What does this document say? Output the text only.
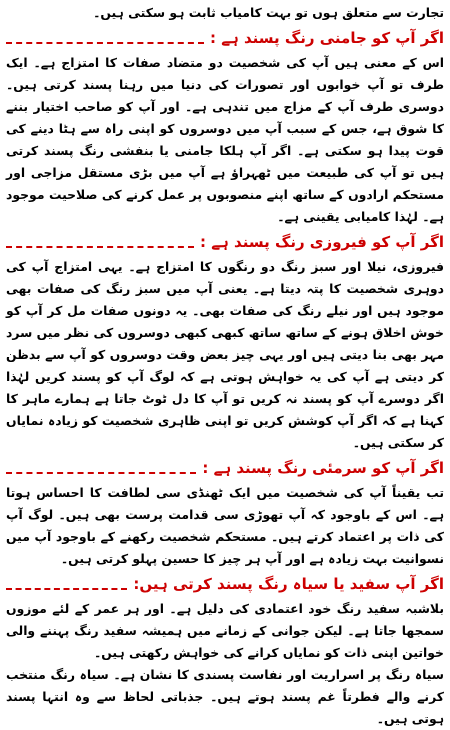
تجارت سے متعلق ہوں تو بہت کامیاب ثابت ہو سکتی ہیں۔

اگر آپ کو جامنی رنگ پسند ہے :

اس کے معنی ہیں آپ کی شخصیت دو متضاد صفات کا امتزاج ہے۔ ایک طرف تو آپ خوابوں اور تصورات کی دنیا میں رہنا پسند کرتی ہیں۔ دوسری طرف آپ کے مزاج میں تندہی ہے۔ اور آپ کو صاحب اختیار بننے کا شوق ہے، جس کے سبب آپ میں دوسروں کو اپنی راہ سے ہٹا دینے کی قوت پیدا ہو سکتی ہے۔ اگر آپ ہلکا جامنی یا بنفشی رنگ پسند کرتی ہیں تو آپ کی طبیعت میں ٹھہراؤ ہے آپ میں بڑی مستقل مزاجی اور مستحکم ارادوں کے ساتھ اپنے منصوبوں پر عمل کرنے کی صلاحیت موجود ہے۔ لہٰذا کامیابی یقینی ہے۔

اگر آپ کو فیروزی رنگ پسند ہے :

فیروزی، نیلا اور سبز رنگ دو رنگوں کا امتزاج ہے۔ یہی امتزاج آپ کی دوہری شخصیت کا پتہ دیتا ہے۔ یعنی آپ میں سبز رنگ کی صفات بھی موجود ہیں اور نیلے رنگ کی صفات بھی۔ یہ دونوں صفات مل کر آپ کو خوش اخلاق ہونے کے ساتھ ساتھ کبھی کبھی دوسروں کی نظر میں سرد مہر بھی بنا دیتی ہیں اور یہی چیز بعض وقت دوسروں کو آپ سے بدظن کر دیتی ہے آپ کی یہ خواہش ہوتی ہے کہ لوگ آپ کو پسند کریں لہٰذا اگر دوسرے آپ کو پسند نہ کریں تو آپ کا دل ٹوٹ جاتا ہے ہمارے ماہر کا کہنا ہے کہ اگر آپ کوشش کریں تو اپنی ظاہری شخصیت کو زیادہ نمایاں کر سکتی ہیں۔

اگر آپ کو سرمئی رنگ پسند ہے :

تب یقیناً آپ کی شخصیت میں ایک ٹھنڈی سی لطافت کا احساس ہوتا ہے۔ اس کے باوجود کہ آپ تھوڑی سی قدامت پرست بھی ہیں۔ لوگ آپ کی ذات پر اعتماد کرتے ہیں۔ مستحکم شخصیت رکھنے کے باوجود آپ میں نسوانیت بہت زیادہ ہے اور آپ ہر چیز کا حسین پہلو کرتی ہیں۔

اگر آپ سفید یا سیاہ رنگ پسند کرتی ہیں:

بلاشبہ سفید رنگ خود اعتمادی کی دلیل ہے۔ اور ہر عمر کے لئے موزوں سمجھا جاتا ہے۔ لیکن جوانی کے زمانے میں ہمیشہ سفید رنگ پہننے والی خواتین اپنی ذات کو نمایاں کرانے کی خواہش رکھتی ہیں۔

سیاہ رنگ پر اسراریت اور نفاست پسندی کا نشان ہے۔ سیاہ رنگ منتخب کرنے والے فطرتاً غم پسند ہوتے ہیں۔ جذباتی لحاظ سے وہ انتہا پسند ہوتی ہیں۔
